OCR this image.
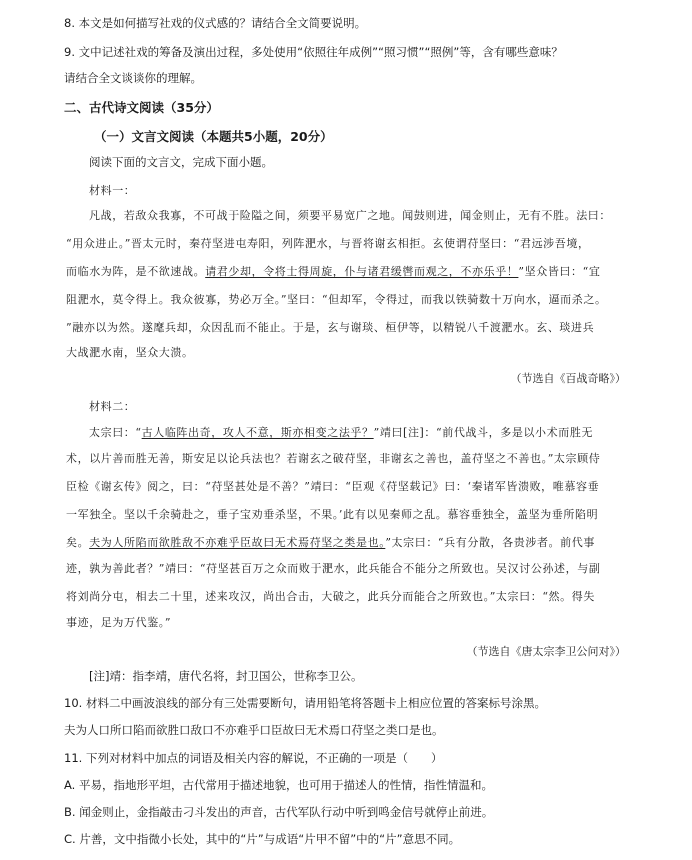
8. 本文是如何描写社戏的仪式感的？请结合全文简要说明。
9. 文中记述社戏的筹备及演出过程，多处使用“依照往年成例”“照习惯”“照例”等，含有哪些意味？
请结合全文谈谈你的理解。
二、古代诗文阅读（35分）
（一）文言文阅读（本题共5小题，20分）
阅读下面的文言文，完成下面小题。
材料一：
凡战，若敌众我寡，不可战于险隘之间，须要平易宽广之地。闻鼓则进，闻金则止，无有不胜。法曰：
“用众进止。”晋太元时，秦苻坚进屯寿阳，列阵淝水，与晋将谢玄相拒。玄使谓苻坚曰：“君远涉吾境，
而临水为阵，是不欲速战。请君少却，令将士得周旋，仆与诸君缓辔而观之，不亦乐乎！”坚众皆曰：“宜
阻淝水，莫令得上。我众彼寡，势必万全。”坚曰：“但却军，令得过，而我以铁骑数十万向水，逼而杀之。
”融亦以为然。遂麾兵却，众因乱而不能止。于是，玄与谢琰、桓伊等，以精锐八千渡淝水。玄、琰进兵
大战淝水南，坚众大溃。
（节选自《百战奇略》）
材料二：
太宗曰：“古人临阵出奇，攻人不意，斯亦相变之法乎？”靖曰[注]：“前代战斗，多是以小术而胜无
术，以片善而胜无善，斯安足以论兵法也？若谢玄之破苻坚，非谢玄之善也，盖苻坚之不善也。”太宗顾侍
臣检《谢玄传》阅之，曰：“苻坚甚处是不善？”靖曰：“臣观《苻坚载记》曰：‘秦诸军皆溃败，唯慕容垂
一军独全。坚以千余骑赴之，垂子宝劝垂杀坚，不果。’此有以见秦师之乱。慕容垂独全，盖坚为垂所陷明
矣。夫为人所陷而欲胜敌不亦难乎臣故曰无术焉苻坚之类是也。”太宗曰：“兵有分散，各贵涉者。前代事
迹，孰为善此者？”靖曰：“苻坚甚百万之众而败于淝水，此兵能合不能分之所致也。吴汉讨公孙述，与副
将刘尚分屯，相去二十里，述来攻汉，尚出合击，大破之，此兵分而能合之所致也。”太宗曰：“然。得失
事迹，足为万代鉴。”
（节选自《唐太宗李卫公问对》）
[注]靖：指李靖，唐代名将，封卫国公，世称李卫公。
10. 材料二中画波浪线的部分有三处需要断句，请用铅笔将答题卡上相应位置的答案标号涂黑。
夫为人口所口陷而欲胜口敌口不亦难乎口臣故曰无术焉口苻坚之类口是也。
11. 下列对材料中加点的词语及相关内容的解说，不正确的一项是（　　）
A. 平易，指地形平坦，古代常用于描述地貌，也可用于描述人的性情，指性情温和。
B. 闻金则止，金指敲击刁斗发出的声音，古代军队行动中听到鸣金信号就停止前进。
C. 片善，文中指微小长处，其中的“片”与成语“片甲不留”中的“片”意思不同。
